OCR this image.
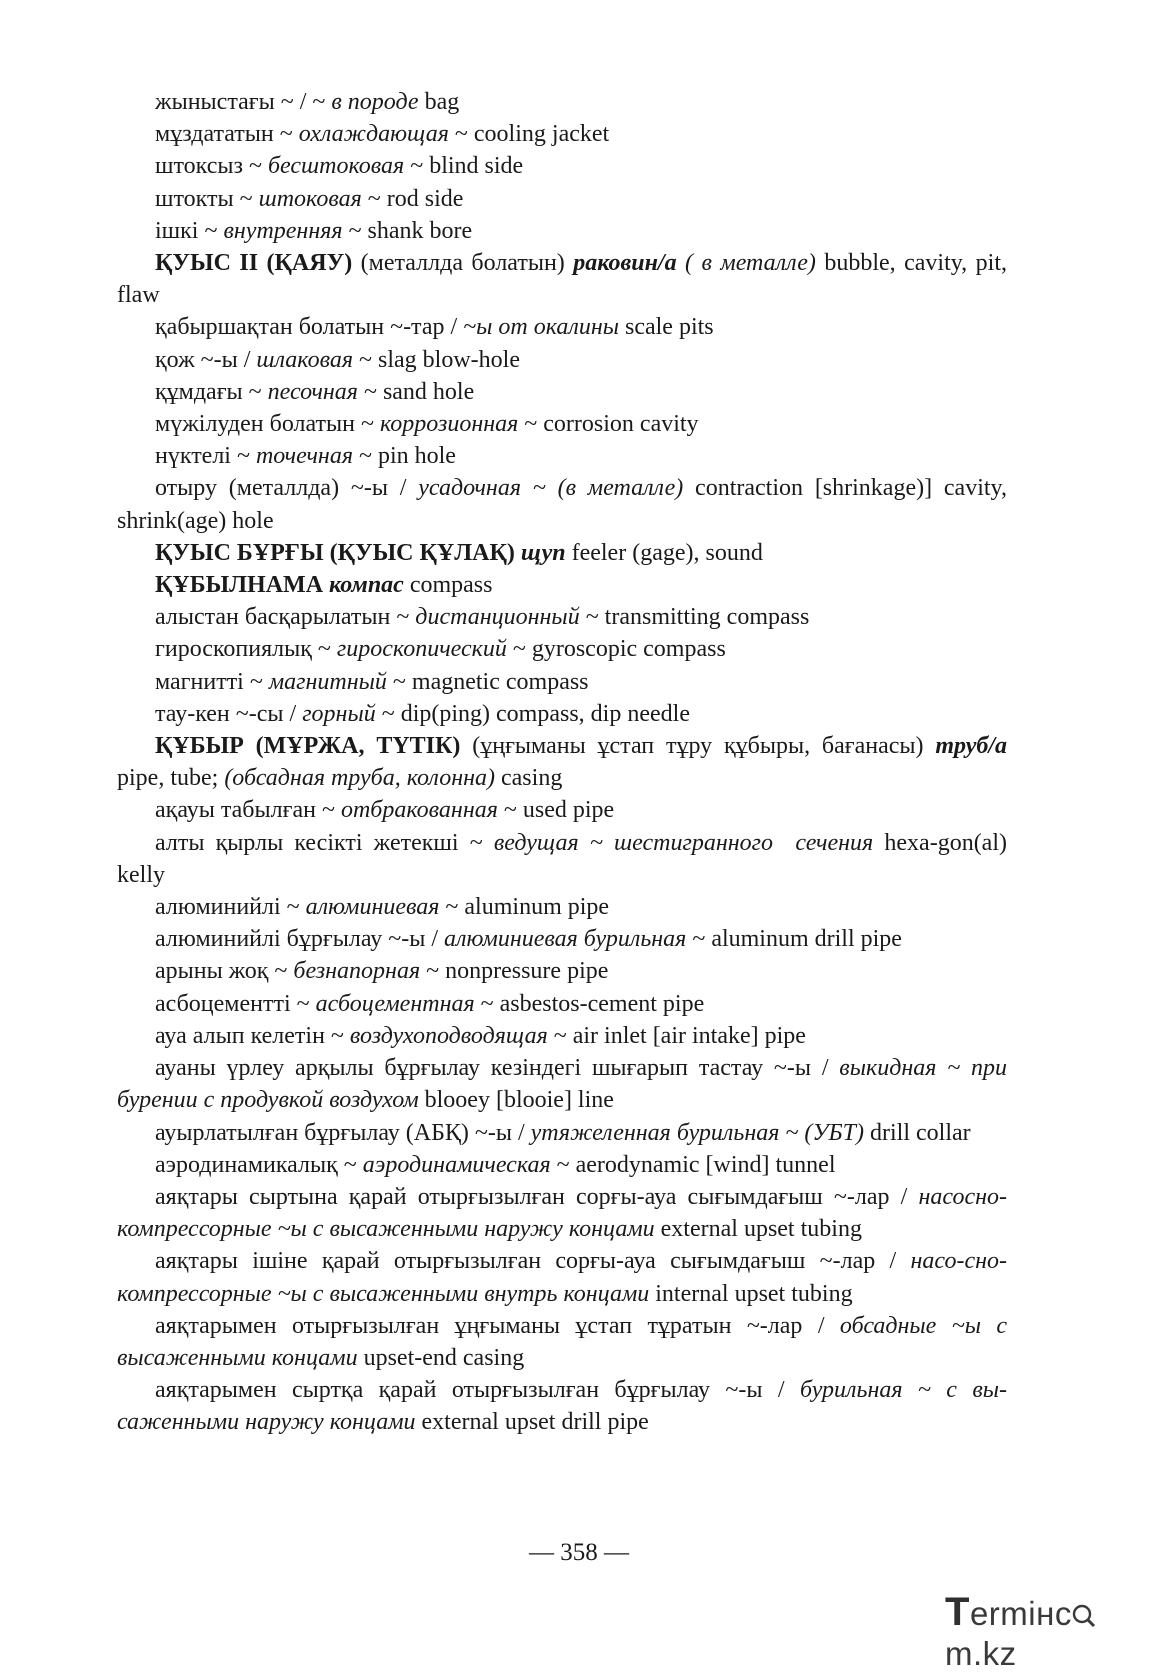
жыныстағы ~ / ~ в породе bag

мұздататын ~ охлаждающая ~ cooling jacket

штоксыз ~ бесштоковая ~ blind side

штокты ~ штоковая ~ rod side

ішкі ~ внутренняя ~ shank bore

ҚУЫС II (ҚАЯУ) (металлда болатын) раковин/а ( в металле) bubble, cavity, pit, flaw

қабыршақтан болатын ~-тар / ~ы от окалины scale pits

қож ~-ы / шлаковая ~ slag blow-hole

құмдағы ~ песочная ~ sand hole

мүжілуден болатын ~ коррозионная ~ corrosion cavity

нүктелі ~ точечная ~ pin hole

отыру (металлда) ~-ы / усадочная ~ (в металле) contraction [shrinkage)] cavity, shrink(age) hole

ҚУЫС БҰРҒЫ (ҚУЫС ҚҰЛАҚ) щуп feeler (gage), sound

ҚҰБЫЛНАМА компас compass

алыстан басқарылатын ~ дистанционный ~ transmitting compass

гироскопиялық ~ гироскопический ~ gyroscopic compass

магнитті ~ магнитный ~ magnetic compass

тау-кен ~-сы / горный ~ dip(ping) compass, dip needle

ҚҰБЫР (МҰРЖА, ТҮТІК) (ұңғыманы ұстап тұру құбыры, бағанасы) труб/а pipe, tube; (обсадная труба, колонна) casing

ақауы табылған ~ отбракованная ~ used pipe

алты қырлы кесікті жетекші ~ ведущая ~ шестигранного  сечения hexa-gon(al) kelly

алюминийлі ~ алюминиевая ~ aluminum pipe

алюминийлі бұрғылау ~-ы / алюминиевая бурильная ~ aluminum drill pipe

арыны жоқ ~ безнапорная ~ nonpressure pipe

асбоцементті ~ асбоцементная ~ asbestos-cement pipe

ауа алып келетін ~ воздухоподводящая ~ air inlet [air intake] pipe

ауаны үрлеу арқылы бұрғылау кезіндегі шығарып тастау ~-ы / выкидная ~ при бурении с продувкой воздухом blooey [blooie] line

ауырлатылған бұрғылау (АБҚ) ~-ы / утяжеленная бурильная ~ (УБТ) drill collar

аэродинамикалық ~ аэродинамическая ~ aerodynamic [wind] tunnel

аяқтары сыртына қарай отырғызылған сорғы-ауа сығымдағыш ~-лар / насосно-компрессорные ~ы с высаженными наружу концами external upset tubing

аяқтары ішіне қарай отырғызылған сорғы-ауа сығымдағыш ~-лар / насо-сно-компрессорные ~ы с высаженными внутрь концами internal upset tubing

аяқтарымен отырғызылған ұңғыманы ұстап тұратын ~-лар / обсадные ~ы с высаженными концами upset-end casing

аяқтарымен сыртқа қарай отырғызылған бұрғылау ~-ы / бурильная ~ с вы-саженными наружу концами external upset drill pipe

— 358 —
Termінc
m.kz
